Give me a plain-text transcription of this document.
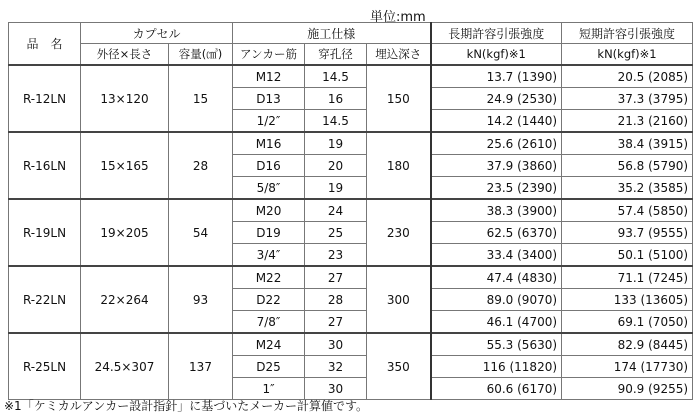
単位:mm
品　名	カプセル		施工仕様			長期許容引張強度	短期許容引張強度
	外径×長さ	容量(㎤)	アンカー筋	穿孔径	埋込深さ	kN(kgf)※1	kN(kgf)※1
R-12LN	13×120	15	M12	14.5	150	13.7 (1390)	20.5 (2085)
			D13	16		24.9 (2530)	37.3 (3795)
			1/2″	14.5		14.2 (1440)	21.3 (2160)
R-16LN	15×165	28	M16	19	180	25.6 (2610)	38.4 (3915)
			D16	20		37.9 (3860)	56.8 (5790)
			5/8″	19		23.5 (2390)	35.2 (3585)
R-19LN	19×205	54	M20	24	230	38.3 (3900)	57.4 (5850)
			D19	25		62.5 (6370)	93.7 (9555)
			3/4″	23		33.4 (3400)	50.1 (5100)
R-22LN	22×264	93	M22	27	300	47.4 (4830)	71.1 (7245)
			D22	28		89.0 (9070)	133 (13605)
			7/8″	27		46.1 (4700)	69.1 (7050)
R-25LN	24.5×307	137	M24	30	350	55.3 (5630)	82.9 (8445)
			D25	32		116 (11820)	174 (17730)
			1″	30		60.6 (6170)	90.9 (9255)
※1「ケミカルアンカー設計指針」に基づいたメーカー計算値です。
